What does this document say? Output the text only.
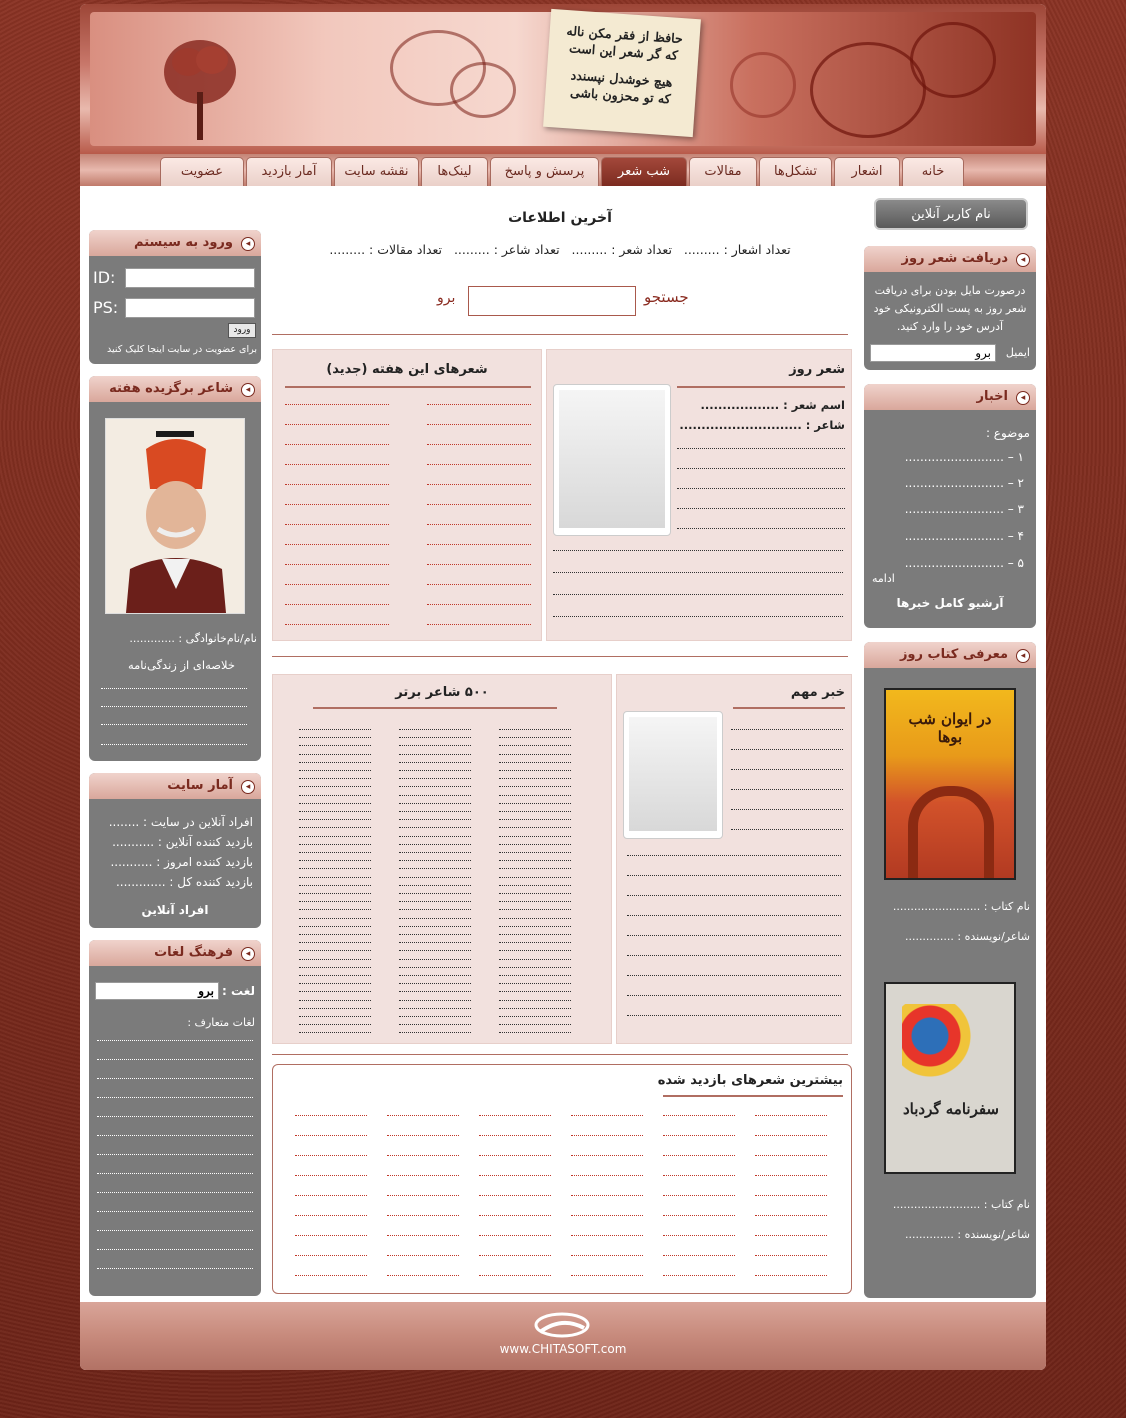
حافظ از فقر مکن ناله
که گر شعر این است
هیچ خوشدل نپسندد
که تو محزون باشی
خانه
اشعار
تشکل‌ها
مقالات
شب شعر
پرسش و پاسخ
لینک‌ها
نقشه سایت
آمار بازدید
عضویت
نام کاربر آنلاین
◂
دریافت شعر روز
درصورت مایل بودن برای دریافت شعر روز به پست الکترونیکی خود آدرس خود را وارد کنید.
ایمیل
برو
◂
اخبار
موضوع :
۱ – ..........................
۲ – ..........................
۳ – ..........................
۴ – ..........................
۵ – ..........................
ادامه
آرشیو کامل خبرها
◂
معرفی کتاب روز
در ایوان شب بوها
نام کتاب : .........................
شاعر/نویسنده : ..............
سفرنامه گردباد
نام کتاب : .........................
شاعر/نویسنده : ..............
◂
ورود به سیستم
ID:
PS:
ورود
برای عضویت در سایت اینجا کلیک کنید
◂
شاعر برگزیده هفته
نام/نام‌خانوادگی : .............
خلاصه‌ای از زندگی‌نامه
◂
آمار سایت
افراد آنلاین در سایت : ........
بازدید کننده آنلاین : ...........
بازدید کننده امروز : ...........
بازدید کننده کل : .............
افراد آنلاین
◂
فرهنگ لغات
لغت :
برو
لغات متعارف :
آخرین اطلاعات
تعداد اشعار : .........   تعداد شعر : .........   تعداد شاعر : .........   تعداد مقالات : .........
جستجو
برو
شعر روز
اسم شعر : ..................
شاعر : ............................
شعرهای این هفته (جدید)
خبر مهم
۵۰۰ شاعر برتر
بیشترین شعرهای بازدید شده
www.CHITASOFT.com
